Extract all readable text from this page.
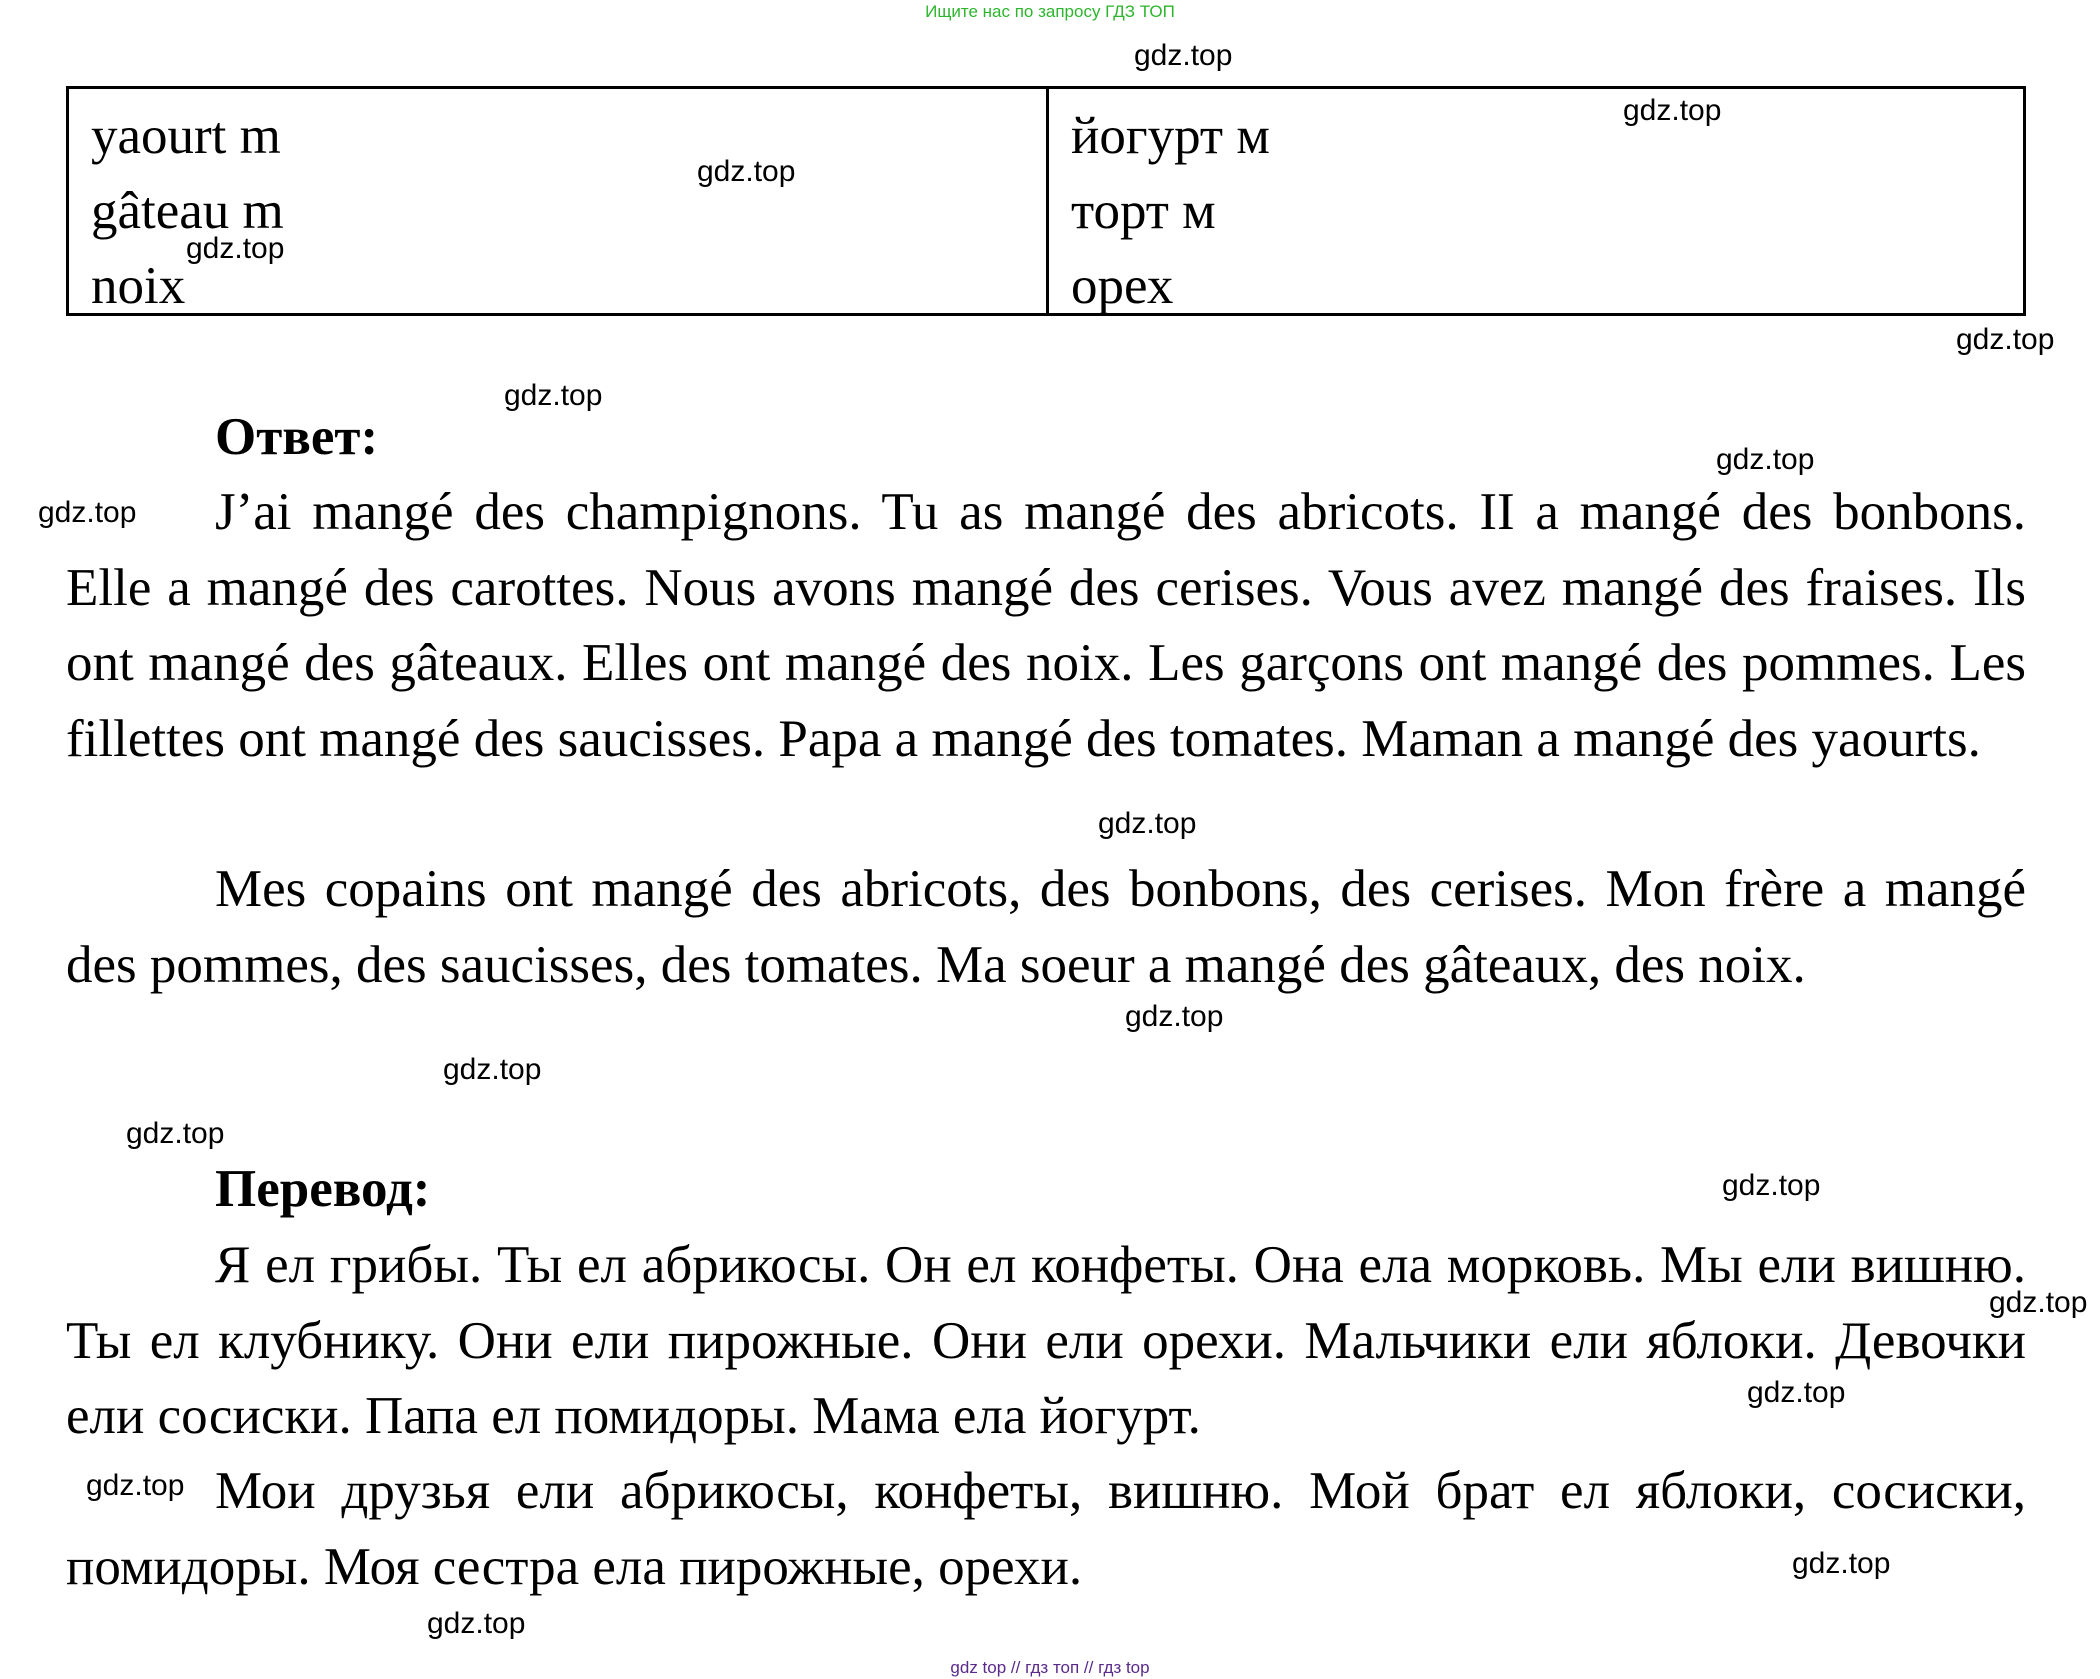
Ищите нас по запросу ГДЗ ТОП
yaourt m
gâteau m
noix
йогурт м
торт м
орех
Ответ:

J’ai mangé des champignons. Tu as mangé des abricots. II a mangé des bonbons. Elle a mangé des carottes. Nous avons mangé des cerises. Vous avez mangé des fraises. Ils ont mangé des gâteaux. Elles ont mangé des noix. Les garçons ont mangé des pommes. Les fillettes ont mangé des saucisses. Papa a mangé des tomates. Maman a mangé des yaourts.

Mes copains ont mangé des abricots, des bonbons, des cerises. Mon frère a mangé des pommes, des saucisses, des tomates. Ma soeur a mangé des gâteaux, des noix.

Перевод:

Я ел грибы. Ты ел абрикосы. Он ел конфеты. Она ела морковь. Мы ели вишню. Ты ел клубнику. Они ели пирожные. Они ели орехи. Мальчики ели яблоки. Девочки ели сосиски. Папа ел помидоры. Мама ела йогурт.

Мои друзья ели абрикосы, конфеты, вишню. Мой брат ел яблоки, сосиски, помидоры. Моя сестра ела пирожные, орехи.

gdz.top
gdz.top
gdz.top
gdz.top
gdz.top
gdz.top
gdz.top
gdz.top
gdz.top
gdz.top
gdz.top
gdz.top
gdz.top
gdz.top
gdz.top
gdz.top
gdz.top
gdz.top
gdz top // гдз топ // гдз top
